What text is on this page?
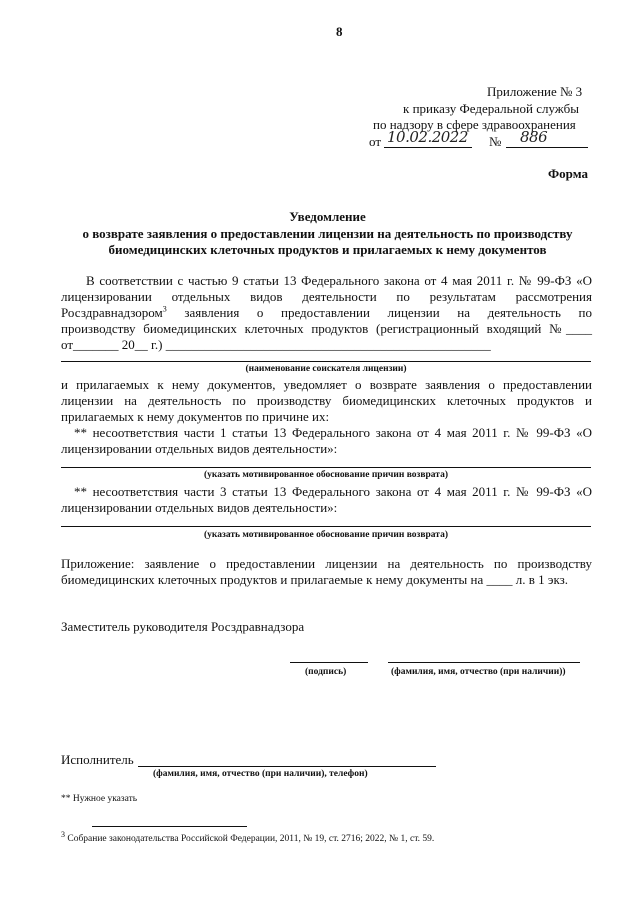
8
Приложение № 3
к приказу Федеральной службы
по надзору в сфере здравоохранения
от 10.02.2022 № 886
Форма
Уведомление
о возврате заявления о предоставлении лицензии на деятельность по производству
биомедицинских клеточных продуктов и прилагаемых к нему документов
В соответствии с частью 9 статьи 13 Федерального закона от 4 мая 2011 г. № 99-ФЗ «О
лицензировании отдельных видов деятельности по результатам рассмотрения
Росздравнадзором$^3$ заявления о предоставлении лицензии на деятельность по
производству биомедицинских клеточных продуктов (регистрационный входящий №____
от_______ 20__ г.) __________________________________________________
(наименование соискателя лицензии)
и прилагаемых к нему документов, уведомляет о возврате заявления о предоставлении
лицензии на деятельность по производству биомедицинских клеточных продуктов и
прилагаемых к нему документов по причине их:
** несоответствия части 1 статьи 13 Федерального закона от 4 мая 2011 г. № 99-ФЗ «О
лицензировании отдельных видов деятельности»:
(указать мотивированное обоснование причин возврата)
** несоответствия части 3 статьи 13 Федерального закона от 4 мая 2011 г. № 99-ФЗ «О
лицензировании отдельных видов деятельности»:
(указать мотивированное обоснование причин возврата)
Приложение: заявление о предоставлении лицензии на деятельность по производству
биомедицинских клеточных продуктов и прилагаемые к нему документы на ____ л. в 1 экз.
Заместитель руководителя Росздравнадзора
(подпись)	(фамилия, имя, отчество (при наличии))
Исполнитель
(фамилия, имя, отчество (при наличии), телефон)
** Нужное указать
$^3$ Собрание законодательства Российской Федерации, 2011, № 19, ст. 2716; 2022, № 1, ст. 59.
